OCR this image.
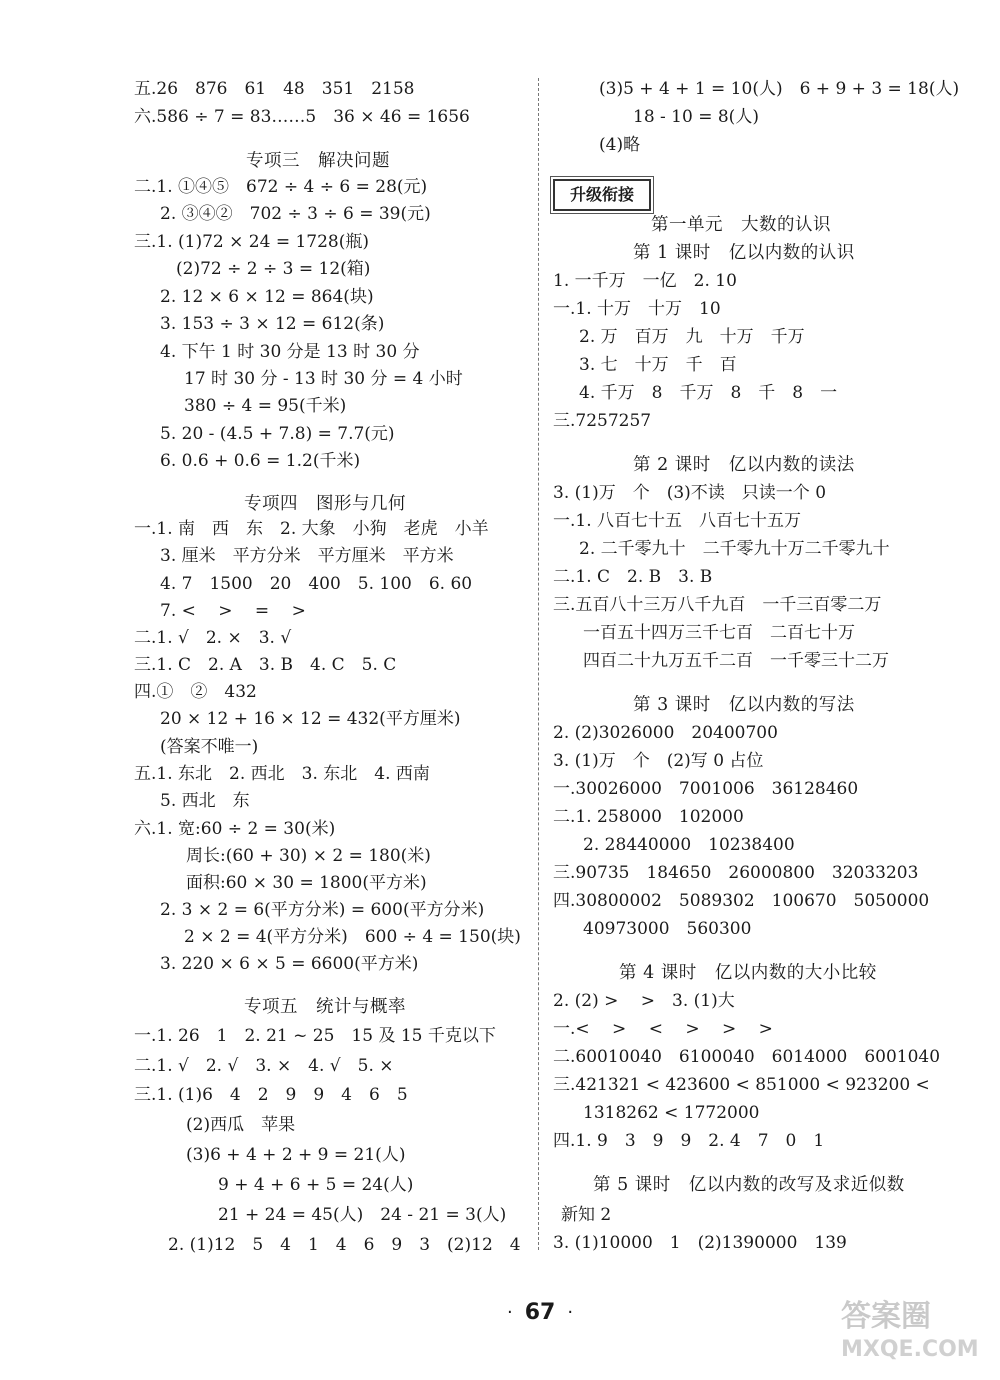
五.26　876　61　48　351　2158
六.586 ÷ 7 = 83……5　36 × 46 = 1656
专项三　解决问题
二.1. ①④⑤　672 ÷ 4 ÷ 6 = 28(元)
2. ③④②　702 ÷ 3 ÷ 6 = 39(元)
三.1. (1)72 × 24 = 1728(瓶)
(2)72 ÷ 2 ÷ 3 = 12(箱)
2. 12 × 6 × 12 = 864(块)
3. 153 ÷ 3 × 12 = 612(条)
4. 下午 1 时 30 分是 13 时 30 分
17 时 30 分 - 13 时 30 分 = 4 小时
380 ÷ 4 = 95(千米)
5. 20 - (4.5 + 7.8) = 7.7(元)
6. 0.6 + 0.6 = 1.2(千米)
专项四　图形与几何
一.1. 南　西　东　2. 大象　小狗　老虎　小羊
3. 厘米　平方分米　平方厘米　平方米
4. 7　1500　20　400　5. 100　6. 60
7. <　 >　 =　 >
二.1. √　2. ×　3. √
三.1. C　2. A　3. B　4. C　5. C
四.①　②　432
20 × 12 + 16 × 12 = 432(平方厘米)
(答案不唯一)
五.1. 东北　2. 西北　3. 东北　4. 西南
5. 西北　东
六.1. 宽:60 ÷ 2 = 30(米)
周长:(60 + 30) × 2 = 180(米)
面积:60 × 30 = 1800(平方米)
2. 3 × 2 = 6(平方分米) = 600(平方分米)
2 × 2 = 4(平方分米)　600 ÷ 4 = 150(块)
3. 220 × 6 × 5 = 6600(平方米)
专项五　统计与概率
一.1. 26　1　2. 21 ~ 25　15 及 15 千克以下
二.1. √　2. √　3. ×　4. √　5. ×
三.1. (1)6　4　2　9　9　4　6　5
(2)西瓜　苹果
(3)6 + 4 + 2 + 9 = 21(人)
9 + 4 + 6 + 5 = 24(人)
21 + 24 = 45(人)　24 - 21 = 3(人)
2. (1)12　5　4　1　4　6　9　3　(2)12　4
(3)5 + 4 + 1 = 10(人)　6 + 9 + 3 = 18(人)
18 - 10 = 8(人)
(4)略
第一单元　大数的认识
第 1 课时　亿以内数的认识
1. 一千万　一亿　2. 10
一.1. 十万　十万　10
2. 万　百万　九　十万　千万
3. 七　十万　千　百
4. 千万　8　千万　8　千　8　一
三.7257257
第 2 课时　亿以内数的读法
3. (1)万　个　(3)不读　只读一个 0
一.1. 八百七十五　八百七十五万
2. 二千零九十　二千零九十万二千零九十
二.1. C　2. B　3. B
三.五百八十三万八千九百　一千三百零二万
一百五十四万三千七百　二百七十万
四百二十九万五千二百　一千零三十二万
第 3 课时　亿以内数的写法
2. (2)3026000　20400700
3. (1)万　个　(2)写 0 占位
一.30026000　7001006　36128460
二.1. 258000　102000
2. 28440000　10238400
三.90735　184650　26000800　32033203
四.30800002　5089302　100670　5050000
40973000　560300
第 4 课时　亿以内数的大小比较
2. (2) >　 >　3. (1)大
一.<　 >　 <　 >　 >　 >
二.60010040　6100040　6014000　6001040
三.421321 < 423600 < 851000 < 923200 <
1318262 < 1772000
四.1. 9　3　9　9　2. 4　7　0　1
第 5 课时　亿以内数的改写及求近似数
新知 2
3. (1)10000　1　(2)1390000　139
升级衔接
· 67 ·	答案圈
MXQE.COM
